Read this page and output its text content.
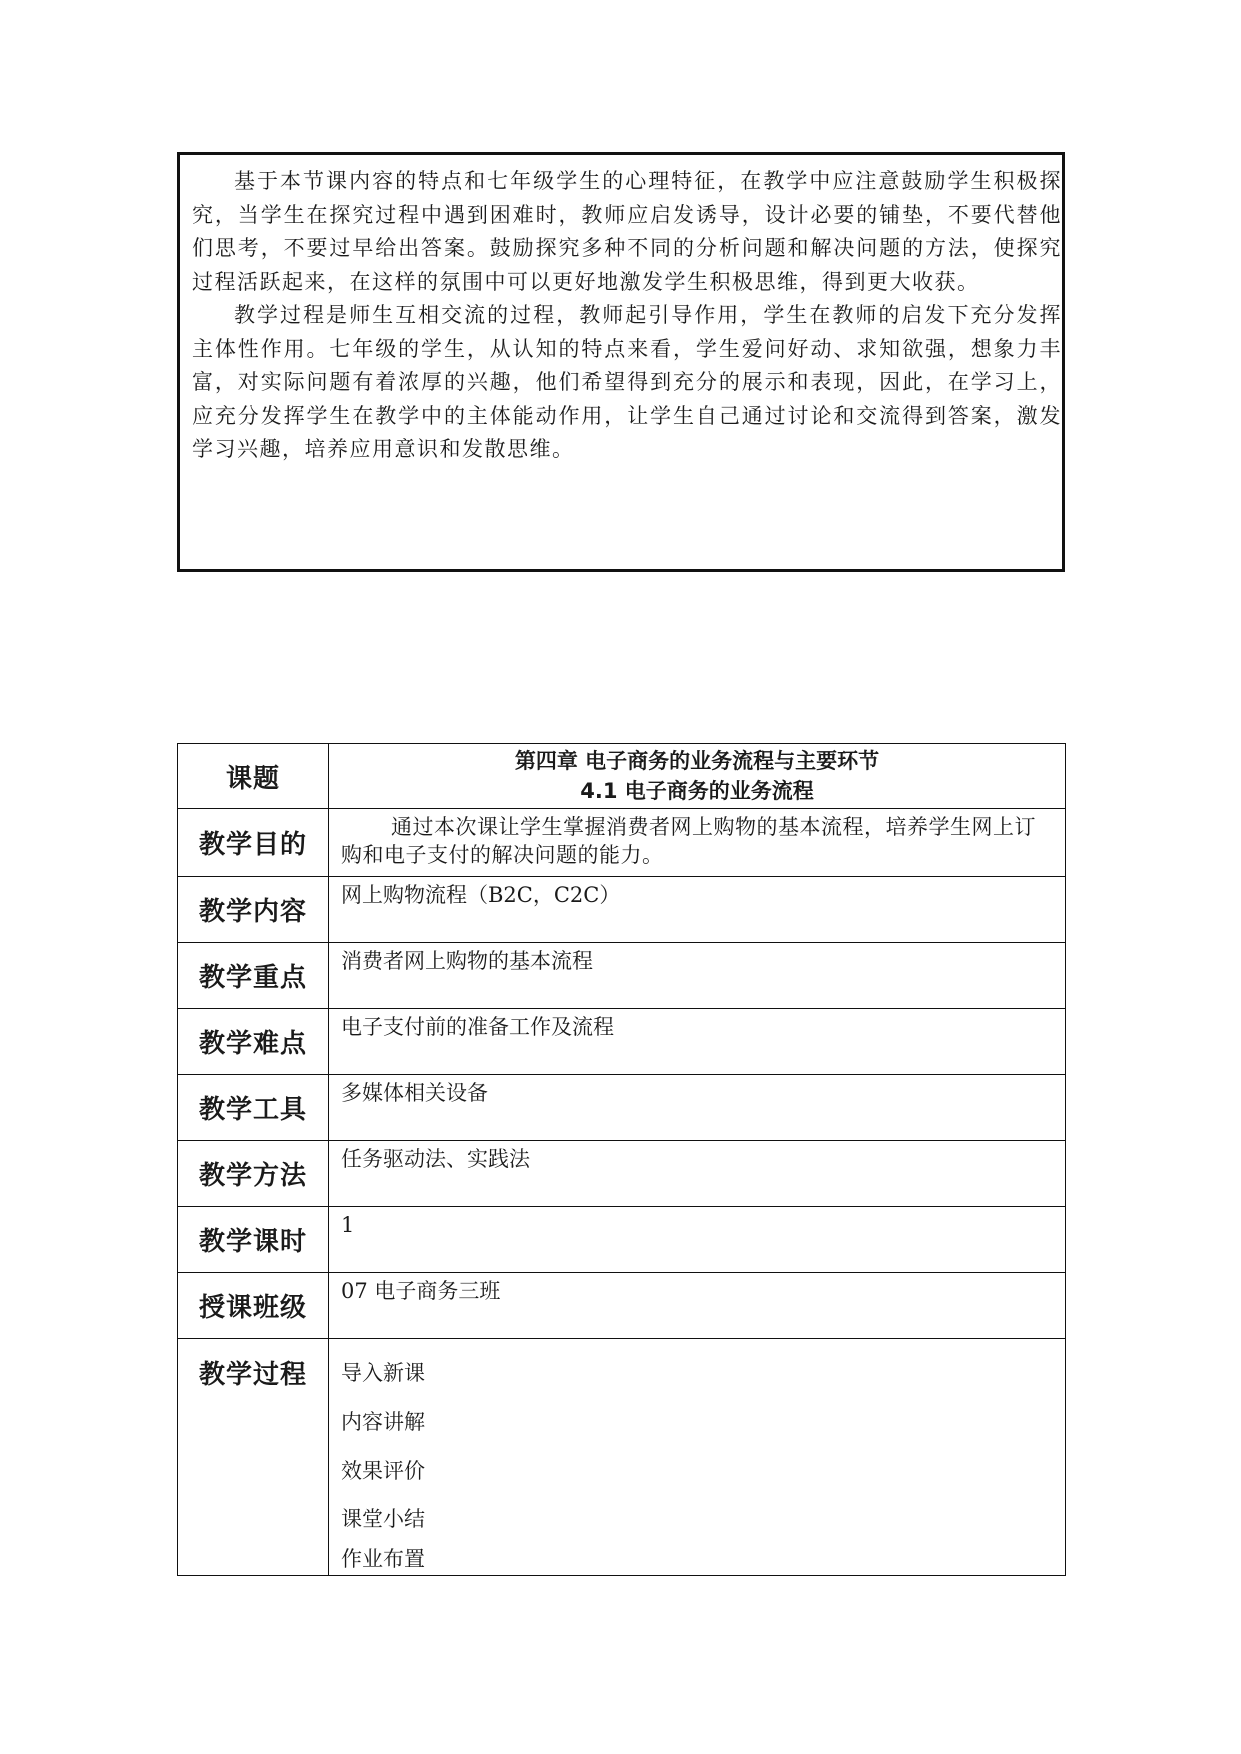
基于本节课内容的特点和七年级学生的心理特征，在教学中应注意鼓励学生积极探究，当学生在探究过程中遇到困难时，教师应启发诱导，设计必要的铺垫，不要代替他们思考，不要过早给出答案。鼓励探究多种不同的分析问题和解决问题的方法，使探究过程活跃起来，在这样的氛围中可以更好地激发学生积极思维，得到更大收获。

教学过程是师生互相交流的过程，教师起引导作用，学生在教师的启发下充分发挥主体性作用。七年级的学生，从认知的特点来看，学生爱问好动、求知欲强，想象力丰富，对实际问题有着浓厚的兴趣，他们希望得到充分的展示和表现，因此，在学习上，应充分发挥学生在教学中的主体能动作用，让学生自己通过讨论和交流得到答案，激发学习兴趣，培养应用意识和发散思维。

课题	第四章 电子商务的业务流程与主要环节
4.1 电子商务的业务流程

教学目的	通过本次课让学生掌握消费者网上购物的基本流程，培养学生网上订购和电子支付的解决问题的能力。
教学内容	网上购物流程（B2C，C2C）
教学重点	消费者网上购物的基本流程
教学难点	电子支付前的准备工作及流程
教学工具	多媒体相关设备
教学方法	任务驱动法、实践法
教学课时	1
授课班级	07 电子商务三班
教学过程	导入新课
内容讲解
效果评价
课堂小结
作业布置
